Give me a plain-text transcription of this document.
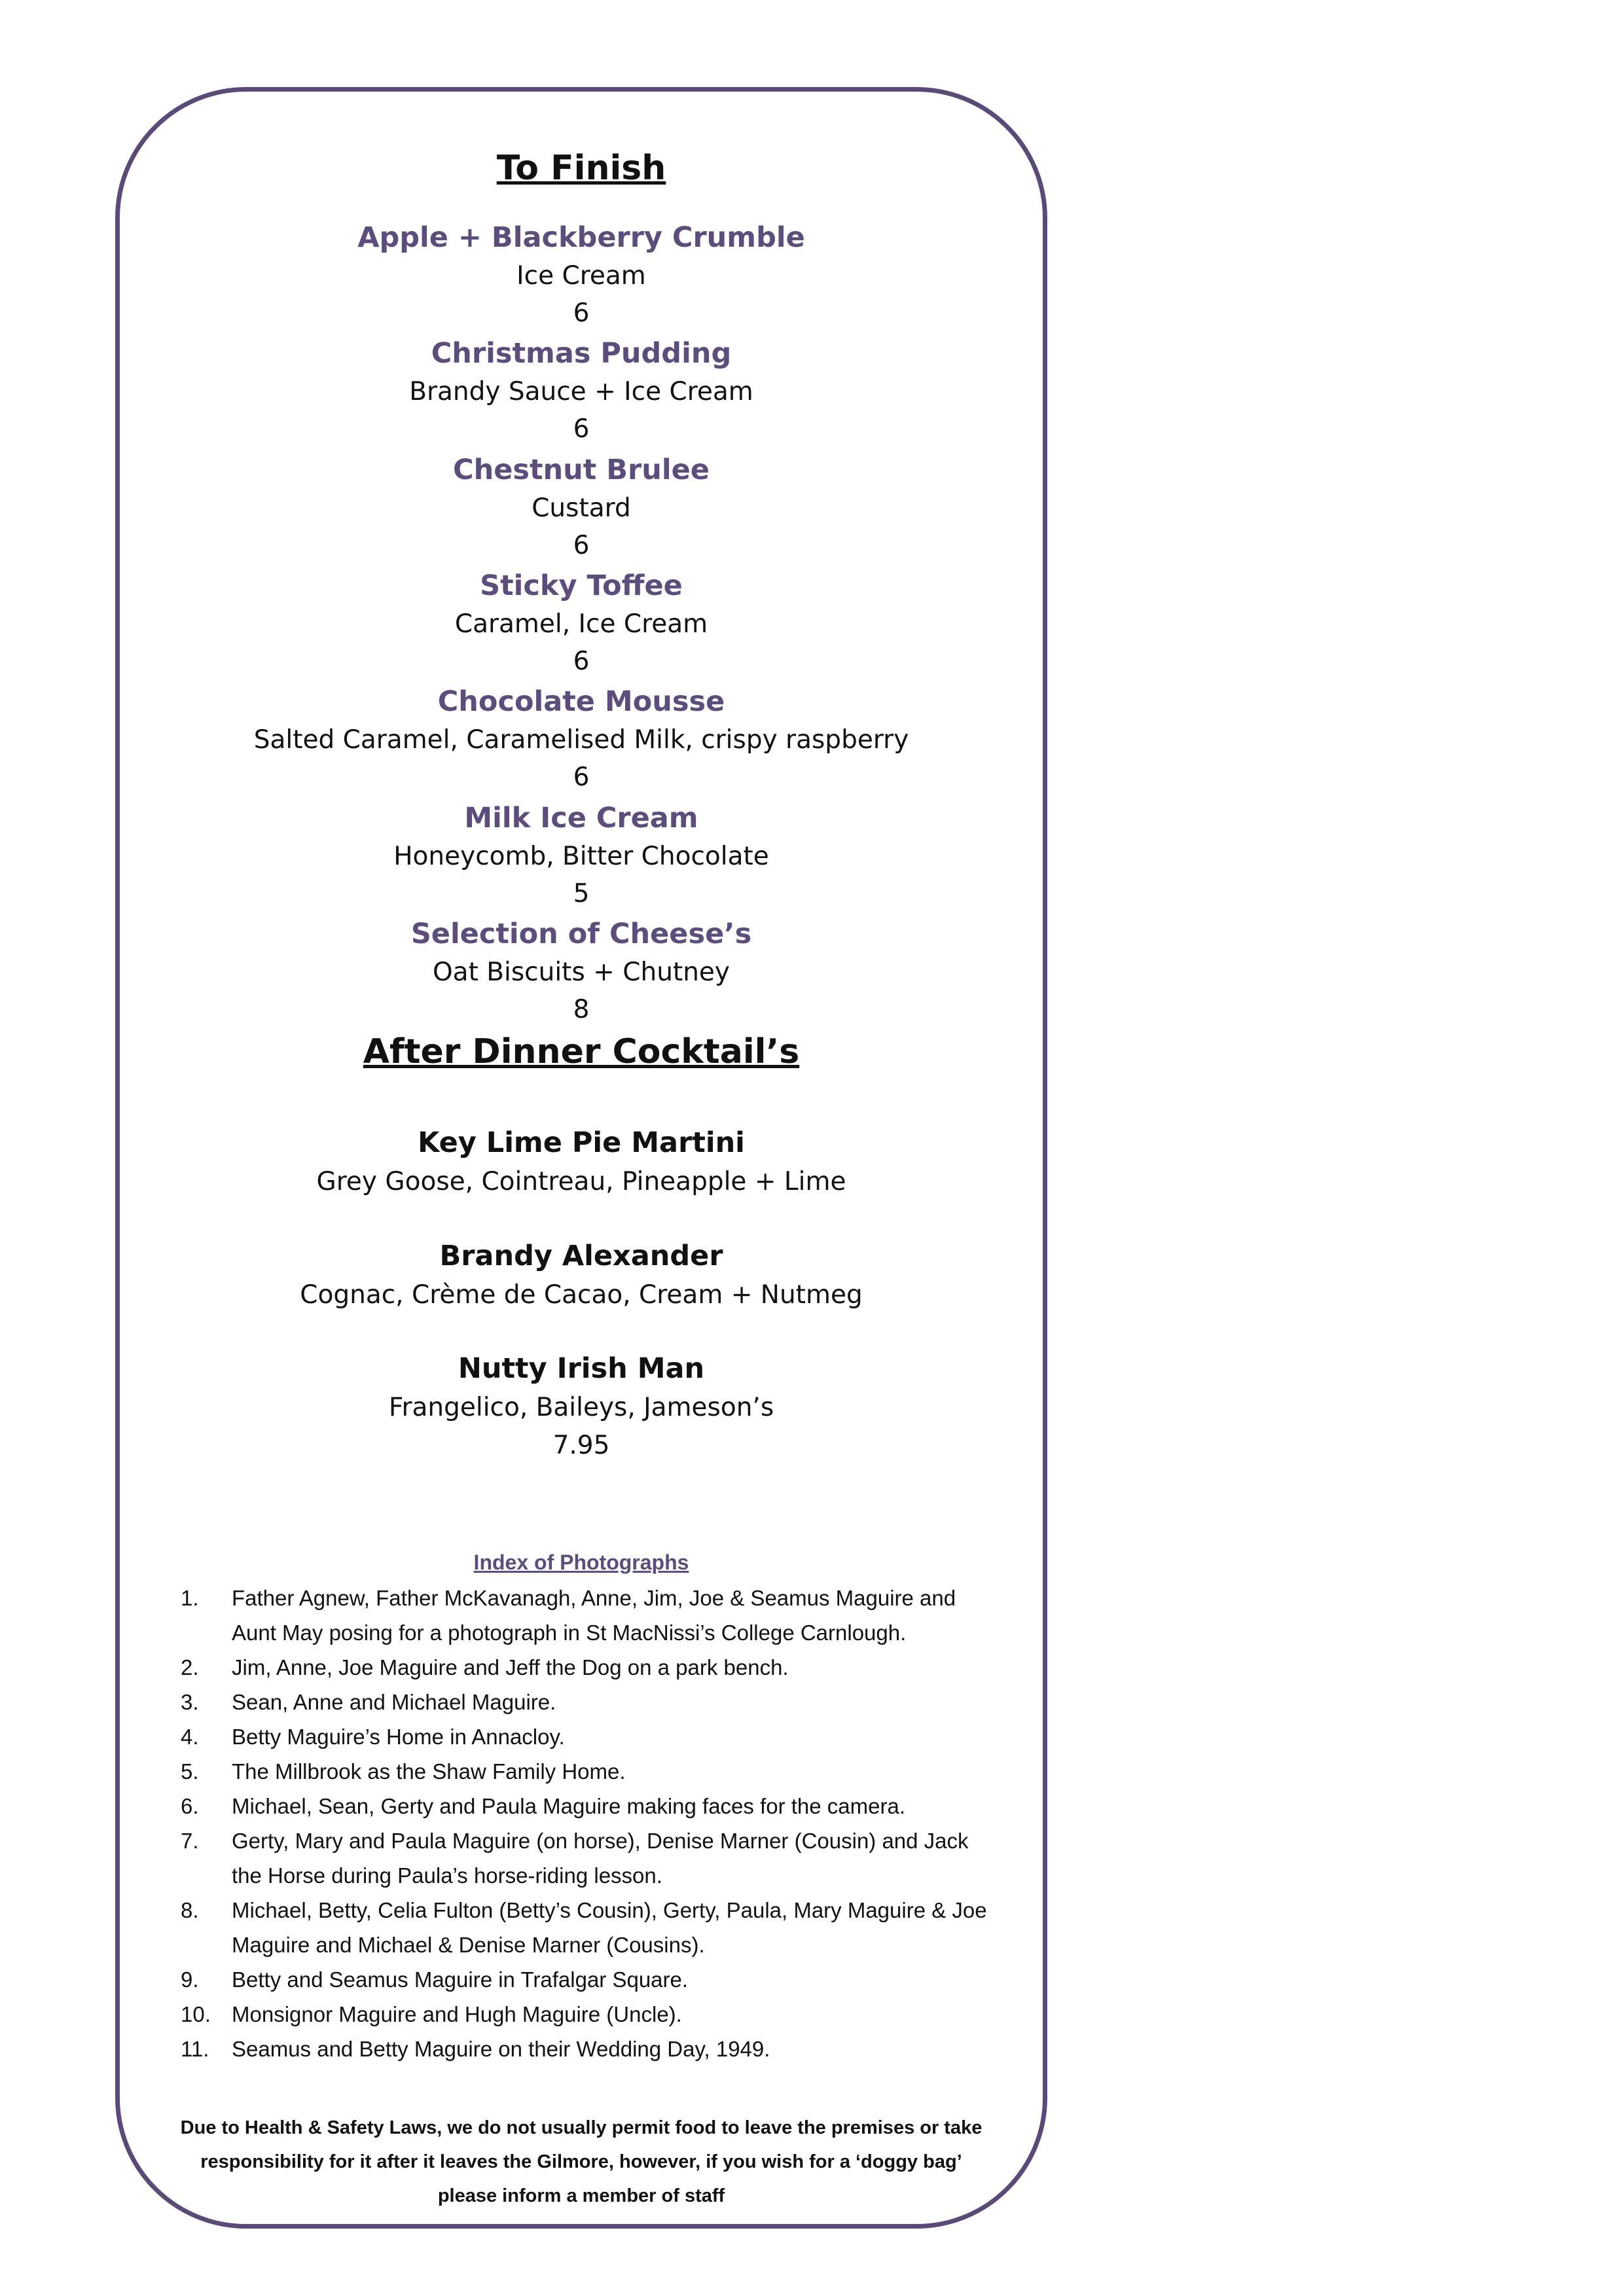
To Finish
Apple + Blackberry Crumble
Ice Cream
6
Christmas Pudding
Brandy Sauce + Ice Cream
6
Chestnut Brulee
Custard
6
Sticky Toffee
Caramel, Ice Cream
6
Chocolate Mousse
Salted Caramel, Caramelised Milk, crispy raspberry
6
Milk Ice Cream
Honeycomb, Bitter Chocolate
5
Selection of Cheese’s
Oat Biscuits + Chutney
8
After Dinner Cocktail’s
Key Lime Pie Martini
Grey Goose, Cointreau, Pineapple + Lime
Brandy Alexander
Cognac, Crème de Cacao, Cream + Nutmeg
Nutty Irish Man
Frangelico, Baileys, Jameson’s
7.95
Index of Photographs
1. Father Agnew, Father McKavanagh, Anne, Jim, Joe & Seamus Maguire and Aunt May posing for a photograph in St MacNissi’s College Carnlough.
2. Jim, Anne, Joe Maguire and Jeff the Dog on a park bench.
3. Sean, Anne and Michael Maguire.
4. Betty Maguire’s Home in Annacloy.
5. The Millbrook as the Shaw Family Home.
6. Michael, Sean, Gerty and Paula Maguire making faces for the camera.
7. Gerty, Mary and Paula Maguire (on horse), Denise Marner (Cousin) and Jack the Horse during Paula’s horse-riding lesson.
8. Michael, Betty, Celia Fulton (Betty’s Cousin), Gerty, Paula, Mary Maguire & Joe Maguire and Michael & Denise Marner (Cousins).
9. Betty and Seamus Maguire in Trafalgar Square.
10. Monsignor Maguire and Hugh Maguire (Uncle).
11. Seamus and Betty Maguire on their Wedding Day, 1949.
Due to Health & Safety Laws, we do not usually permit food to leave the premises or take responsibility for it after it leaves the Gilmore, however, if you wish for a ‘doggy bag’ please inform a member of staff
